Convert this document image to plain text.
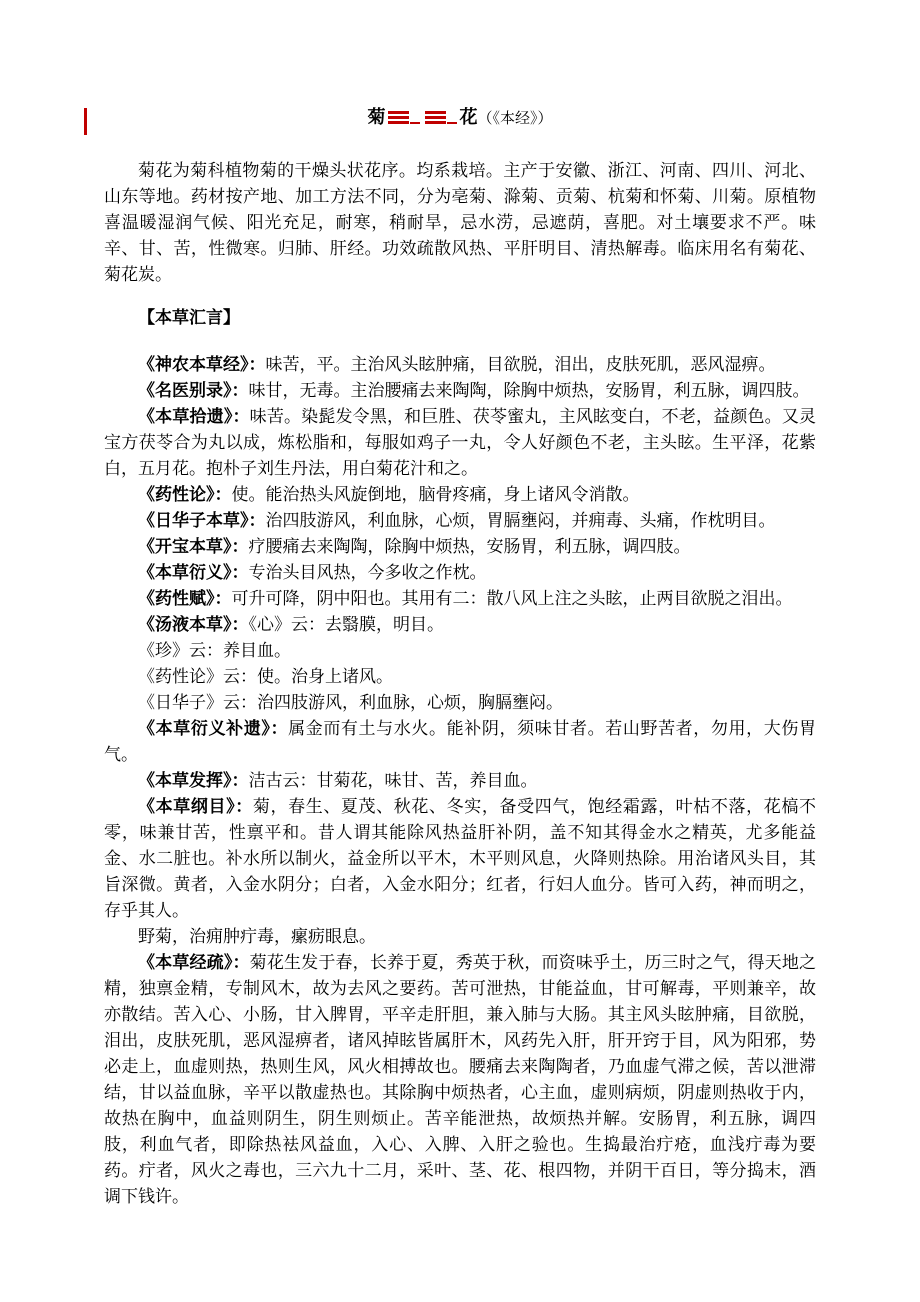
菊	花（《本经》）

菊花为菊科植物菊的干燥头状花序。均系栽培。主产于安徽、浙江、河南、四川、河北、山东等地。药材按产地、加工方法不同，分为亳菊、滁菊、贡菊、杭菊和怀菊、川菊。原植物喜温暖湿润气候、阳光充足，耐寒，稍耐旱，忌水涝，忌遮荫，喜肥。对土壤要求不严。味辛、甘、苦，性微寒。归肺、肝经。功效疏散风热、平肝明目、清热解毒。临床用名有菊花、菊花炭。

【本草汇言】

《神农本草经》：味苦，平。主治风头眩肿痛，目欲脱，泪出，皮肤死肌，恶风湿痹。

《名医别录》：味甘，无毒。主治腰痛去来陶陶，除胸中烦热，安肠胃，利五脉，调四肢。

《本草拾遗》：味苦。染髭发令黑，和巨胜、茯苓蜜丸，主风眩变白，不老，益颜色。又灵宝方茯苓合为丸以成，炼松脂和，每服如鸡子一丸，令人好颜色不老，主头眩。生平泽，花紫白，五月花。抱朴子刘生丹法，用白菊花汁和之。

《药性论》：使。能治热头风旋倒地，脑骨疼痛，身上诸风令消散。

《日华子本草》：治四肢游风，利血脉，心烦，胃膈壅闷，并痈毒、头痛，作枕明目。

《开宝本草》：疗腰痛去来陶陶，除胸中烦热，安肠胃，利五脉，调四肢。

《本草衍义》：专治头目风热，今多收之作枕。

《药性赋》：可升可降，阴中阳也。其用有二：散八风上注之头眩，止两目欲脱之泪出。

《汤液本草》：《心》云：去翳膜，明目。

《珍》云：养目血。

《药性论》云：使。治身上诸风。

《日华子》云：治四肢游风，利血脉，心烦，胸膈壅闷。

《本草衍义补遗》：属金而有土与水火。能补阴，须味甘者。若山野苦者，勿用，大伤胃气。

《本草发挥》：洁古云：甘菊花，味甘、苦，养目血。

《本草纲目》：菊，春生、夏茂、秋花、冬实，备受四气，饱经霜露，叶枯不落，花槁不零，味兼甘苦，性禀平和。昔人谓其能除风热益肝补阴，盖不知其得金水之精英，尤多能益金、水二脏也。补水所以制火，益金所以平木，木平则风息，火降则热除。用治诸风头目，其旨深微。黄者，入金水阴分；白者，入金水阳分；红者，行妇人血分。皆可入药，神而明之，存乎其人。

野菊，治痈肿疔毒，瘰疬眼息。

《本草经疏》：菊花生发于春，长养于夏，秀英于秋，而资味乎土，历三时之气，得天地之精，独禀金精，专制风木，故为去风之要药。苦可泄热，甘能益血，甘可解毒，平则兼辛，故亦散结。苦入心、小肠，甘入脾胃，平辛走肝胆，兼入肺与大肠。其主风头眩肿痛，目欲脱，泪出，皮肤死肌，恶风湿痹者，诸风掉眩皆属肝木，风药先入肝，肝开窍于目，风为阳邪，势必走上，血虚则热，热则生风，风火相搏故也。腰痛去来陶陶者，乃血虚气滞之候，苦以泄滞结，甘以益血脉，辛平以散虚热也。其除胸中烦热者，心主血，虚则病烦，阴虚则热收于内，故热在胸中，血益则阴生，阴生则烦止。苦辛能泄热，故烦热并解。安肠胃，利五脉，调四肢，利血气者，即除热袪风益血，入心、入脾、入肝之验也。生捣最治疔疮，血浅疔毒为要药。疔者，风火之毒也，三六九十二月，采叶、茎、花、根四物，并阴干百日，等分捣末，酒调下钱许。
